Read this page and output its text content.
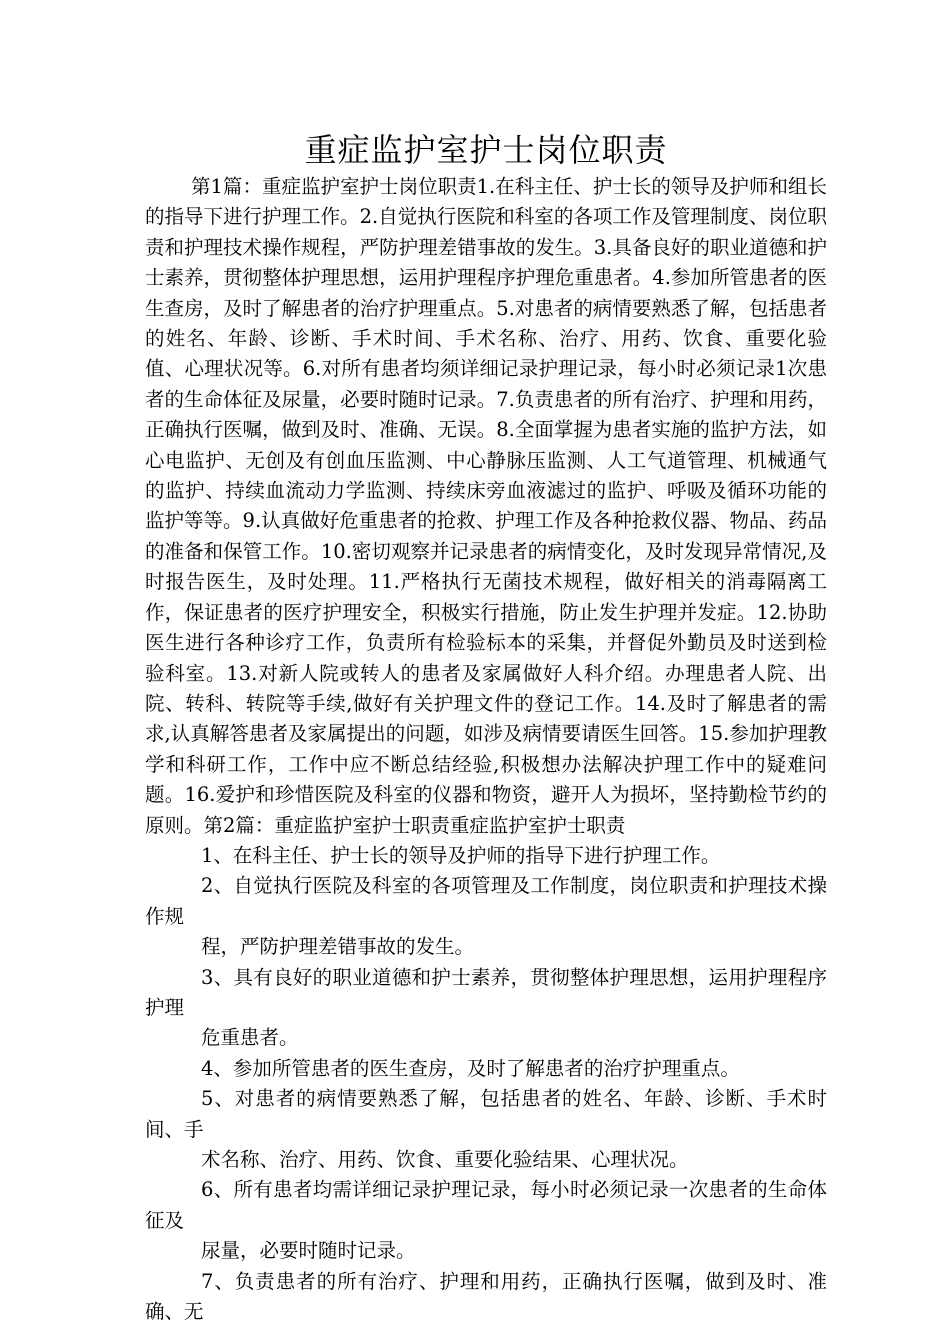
重症监护室护士岗位职责

第1篇：重症监护室护士岗位职责1.在科主任、护士长的领导及护师和组长的指导下进行护理工作。2.自觉执行医院和科室的各项工作及管理制度、岗位职责和护理技术操作规程，严防护理差错事故的发生。3.具备良好的职业道德和护士素养，贯彻整体护理思想，运用护理程序护理危重患者。4.参加所管患者的医生查房，及时了解患者的治疗护理重点。5.对患者的病情要熟悉了解，包括患者的姓名、年龄、诊断、手术时间、手术名称、治疗、用药、饮食、重要化验值、心理状况等。6.对所有患者均须详细记录护理记录，每小时必须记录1次患者的生命体征及尿量，必要时随时记录。7.负责患者的所有治疗、护理和用药，正确执行医嘱，做到及时、准确、无误。8.全面掌握为患者实施的监护方法，如心电监护、无创及有创血压监测、中心静脉压监测、人工气道管理、机械通气的监护、持续血流动力学监测、持续床旁血液滤过的监护、呼吸及循环功能的监护等等。9.认真做好危重患者的抢救、护理工作及各种抢救仪器、物品、药品的准备和保管工作。10.密切观察并记录患者的病情变化，及时发现异常情况,及时报告医生，及时处理。11.严格执行无菌技术规程，做好相关的消毒隔离工作，保证患者的医疗护理安全，积极实行措施，防止发生护理并发症。12.协助医生进行各种诊疗工作，负责所有检验标本的采集，并督促外勤员及时送到检验科室。13.对新人院或转人的患者及家属做好人科介绍。办理患者人院、出院、转科、转院等手续,做好有关护理文件的登记工作。14.及时了解患者的需求,认真解答患者及家属提出的问题，如涉及病情要请医生回答。15.参加护理教学和科研工作，工作中应不断总结经验,积极想办法解决护理工作中的疑难问题。16.爱护和珍惜医院及科室的仪器和物资，避开人为损坏，坚持勤检节约的原则。第2篇：重症监护室护士职责重症监护室护士职责

1、在科主任、护士长的领导及护师的指导下进行护理工作。

2、自觉执行医院及科室的各项管理及工作制度，岗位职责和护理技术操作规

程，严防护理差错事故的发生。

3、具有良好的职业道德和护士素养，贯彻整体护理思想，运用护理程序护理

危重患者。

4、参加所管患者的医生查房，及时了解患者的治疗护理重点。

5、对患者的病情要熟悉了解，包括患者的姓名、年龄、诊断、手术时间、手

术名称、治疗、用药、饮食、重要化验结果、心理状况。

6、所有患者均需详细记录护理记录，每小时必须记录一次患者的生命体征及

尿量，必要时随时记录。

7、负责患者的所有治疗、护理和用药，正确执行医嘱，做到及时、准确、无
